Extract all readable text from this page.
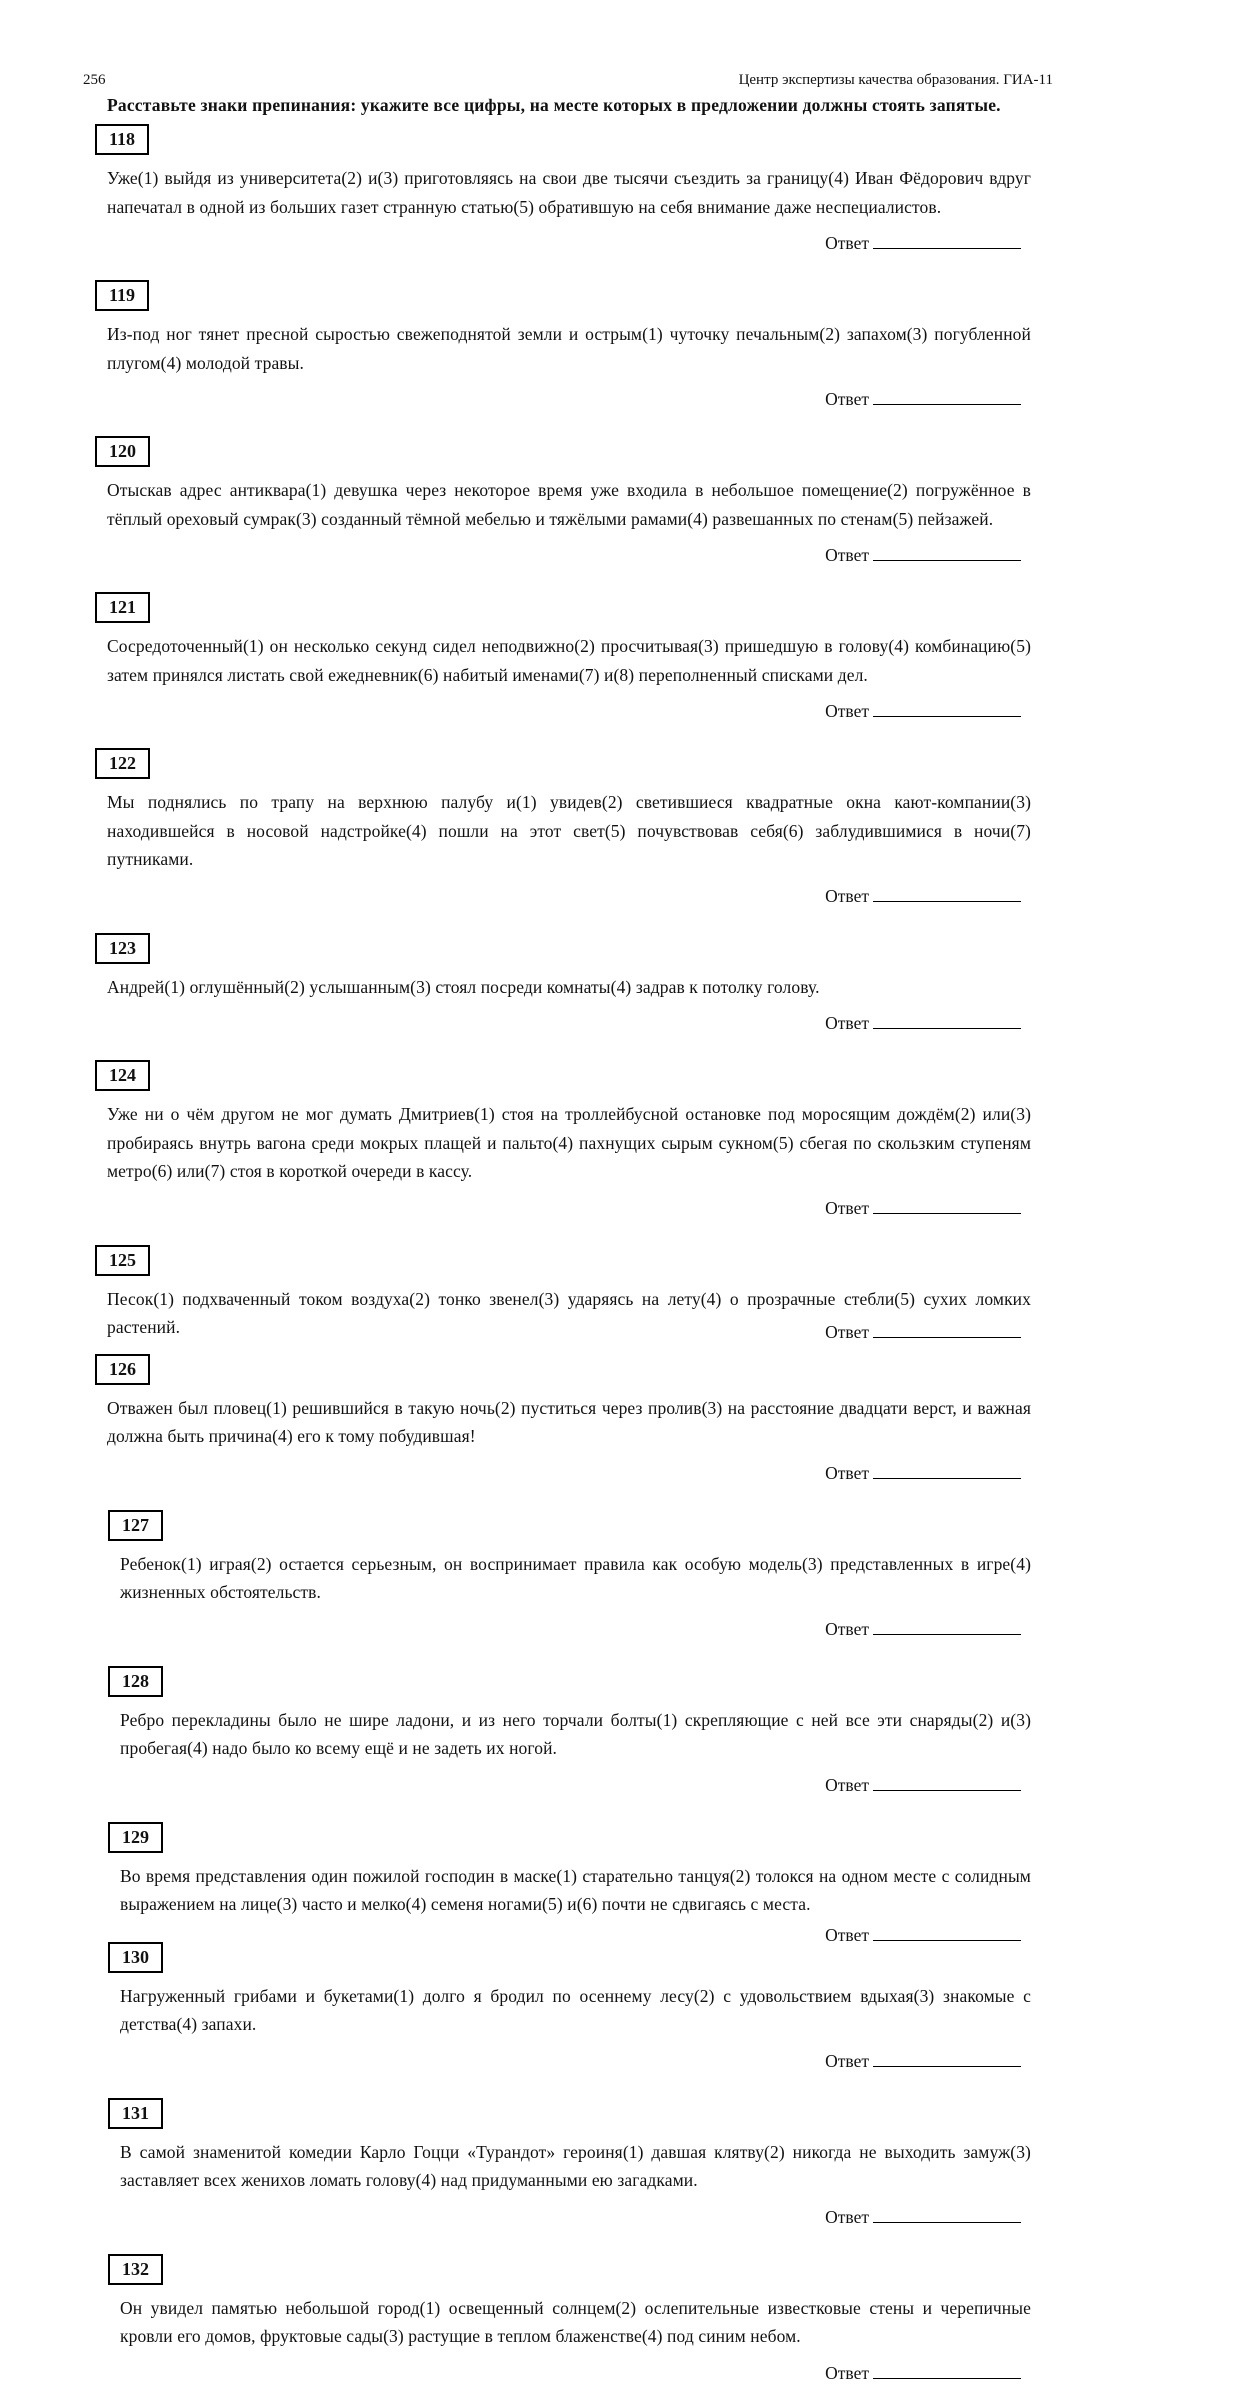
256	Центр экспертизы качества образования. ГИА-11
Расставьте знаки препинания: укажите все цифры, на месте которых в предложении должны стоять запятые.
118

Уже(1) выйдя из университета(2) и(3) приготовляясь на свои две тысячи съездить за границу(4) Иван Фёдорович вдруг напечатал в одной из больших газет странную статью(5) обратившую на себя внимание даже неспециалистов.

Ответ
119

Из-под ног тянет пресной сыростью свежеподнятой земли и острым(1) чуточку печальным(2) запахом(3) погубленной плугом(4) молодой травы.

Ответ
120

Отыскав адрес антиквара(1) девушка через некоторое время уже входила в небольшое помещение(2) погружённое в тёплый ореховый сумрак(3) созданный тёмной мебелью и тяжёлыми рамами(4) развешанных по стенам(5) пейзажей.

Ответ
121

Сосредоточенный(1) он несколько секунд сидел неподвижно(2) просчитывая(3) пришедшую в голову(4) комбинацию(5) затем принялся листать свой ежедневник(6) набитый именами(7) и(8) переполненный списками дел.

Ответ
122

Мы поднялись по трапу на верхнюю палубу и(1) увидев(2) светившиеся квадратные окна кают-компании(3) находившейся в носовой надстройке(4) пошли на этот свет(5) почувствовав себя(6) заблудившимися в ночи(7) путниками.

Ответ
123

Андрей(1) оглушённый(2) услышанным(3) стоял посреди комнаты(4) задрав к потолку голову.

Ответ
124

Уже ни о чём другом не мог думать Дмитриев(1) стоя на троллейбусной остановке под моросящим дождём(2) или(3) пробираясь внутрь вагона среди мокрых плащей и пальто(4) пахнущих сырым сукном(5) сбегая по скользким ступеням метро(6) или(7) стоя в короткой очереди в кассу.

Ответ
125

Песок(1) подхваченный током воздуха(2) тонко звенел(3) ударяясь на лету(4) о прозрачные стебли(5) сухих ломких растений.	Ответ
126

Отважен был пловец(1) решившийся в такую ночь(2) пуститься через пролив(3) на расстояние двадцати верст, и важная должна быть причина(4) его к тому побудившая!

Ответ
127

Ребенок(1) играя(2) остается серьезным, он воспринимает правила как особую модель(3) представленных в игре(4) жизненных обстоятельств.

Ответ
128

Ребро перекладины было не шире ладони, и из него торчали болты(1) скрепляющие с ней все эти снаряды(2) и(3) пробегая(4) надо было ко всему ещё и не задеть их ногой.

Ответ
129

Во время представления один пожилой господин в маске(1) старательно танцуя(2) толокся на одном месте с солидным выражением на лице(3) часто и мелко(4) семеня ногами(5) и(6) почти не сдвигаясь с места.

Ответ
130

Нагруженный грибами и букетами(1) долго я бродил по осеннему лесу(2) с удовольствием вдыхая(3) знакомые с детства(4) запахи.

Ответ
131

В самой знаменитой комедии Карло Гоцци «Турандот» героиня(1) давшая клятву(2) никогда не выходить замуж(3) заставляет всех женихов ломать голову(4) над придуманными ею загадками.

Ответ
132

Он увидел памятью небольшой город(1) освещенный солнцем(2) ослепительные известковые стены и черепичные кровли его домов, фруктовые сады(3) растущие в теплом блаженстве(4) под синим небом.

Ответ
